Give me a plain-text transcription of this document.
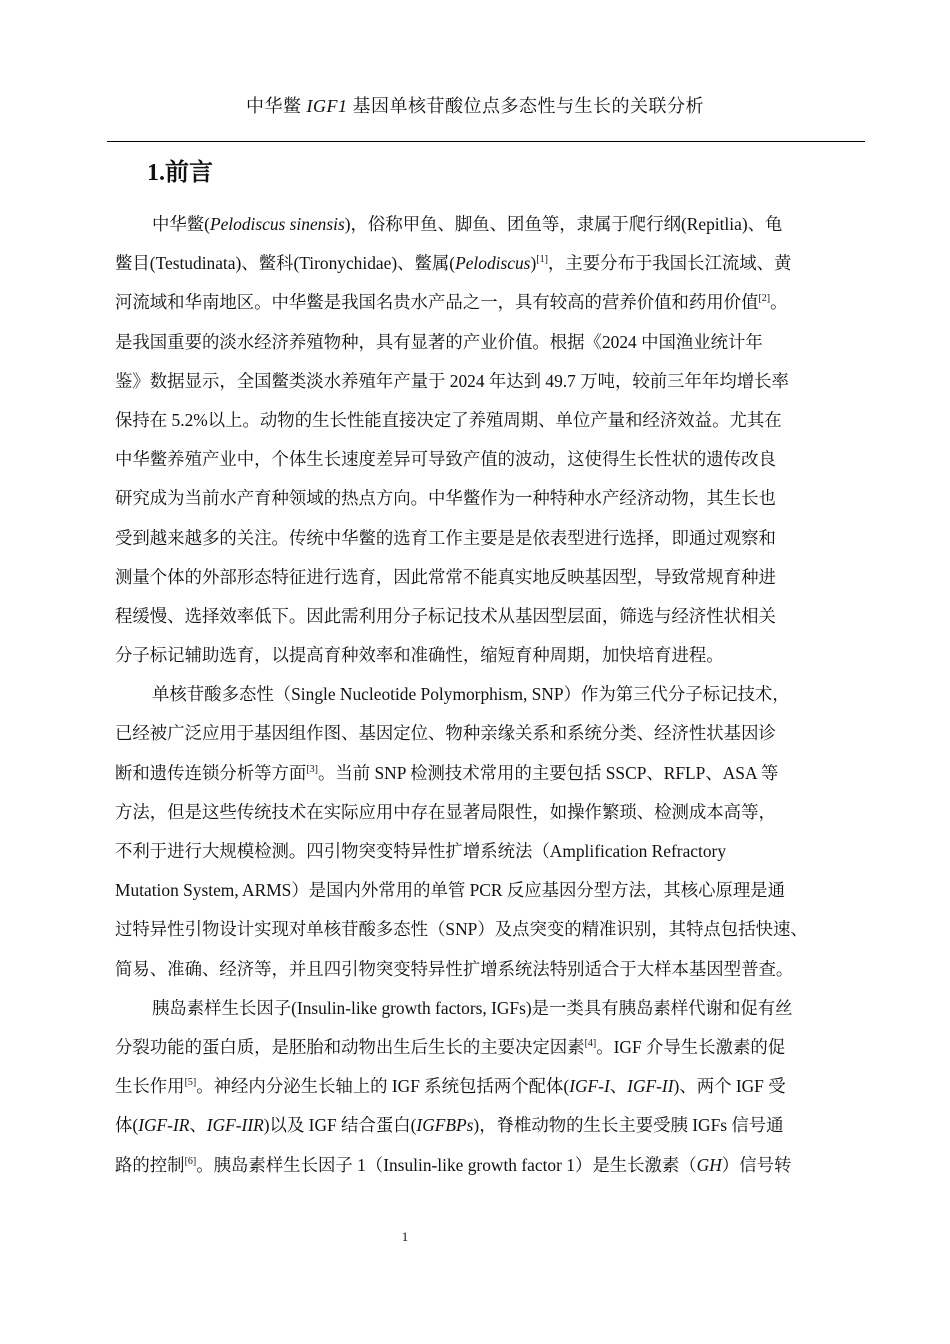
中华鳖 IGF1 基因单核苷酸位点多态性与生长的关联分析
1.前言
中华鳖(Pelodiscus sinensis)，俗称甲鱼、脚鱼、团鱼等，隶属于爬行纲(Repitlia)、龟
鳖目(Testudinata)、鳖科(Tironychidae)、鳖属(Pelodiscus)[1]，主要分布于我国长江流域、黄
河流域和华南地区。中华鳖是我国名贵水产品之一，具有较高的营养价值和药用价值[2]。
是我国重要的淡水经济养殖物种，具有显著的产业价值。根据《2024 中国渔业统计年
鉴》数据显示，全国鳖类淡水养殖年产量于 2024 年达到 49.7 万吨，较前三年年均增长率
保持在 5.2%以上。动物的生长性能直接决定了养殖周期、单位产量和经济效益。尤其在
中华鳖养殖产业中，个体生长速度差异可导致产值的波动，这使得生长性状的遗传改良
研究成为当前水产育种领域的热点方向。中华鳖作为一种特种水产经济动物，其生长也
受到越来越多的关注。传统中华鳖的选育工作主要是是依表型进行选择，即通过观察和
测量个体的外部形态特征进行选育，因此常常不能真实地反映基因型，导致常规育种进
程缓慢、选择效率低下。因此需利用分子标记技术从基因型层面，筛选与经济性状相关
分子标记辅助选育，以提高育种效率和准确性，缩短育种周期，加快培育进程。
单核苷酸多态性（Single Nucleotide Polymorphism, SNP）作为第三代分子标记技术，
已经被广泛应用于基因组作图、基因定位、物种亲缘关系和系统分类、经济性状基因诊
断和遗传连锁分析等方面[3]。当前 SNP 检测技术常用的主要包括 SSCP、RFLP、ASA 等
方法，但是这些传统技术在实际应用中存在显著局限性，如操作繁琐、检测成本高等，
不利于进行大规模检测。四引物突变特异性扩增系统法（Amplification Refractory
Mutation System, ARMS）是国内外常用的单管 PCR 反应基因分型方法，其核心原理是通
过特异性引物设计实现对单核苷酸多态性（SNP）及点突变的精准识别，其特点包括快速、
简易、准确、经济等，并且四引物突变特异性扩增系统法特别适合于大样本基因型普查。
胰岛素样生长因子(Insulin-like growth factors, IGFs)是一类具有胰岛素样代谢和促有丝
分裂功能的蛋白质，是胚胎和动物出生后生长的主要决定因素[4]。IGF 介导生长激素的促
生长作用[5]。神经内分泌生长轴上的 IGF 系统包括两个配体(IGF-I、IGF-II)、两个 IGF 受
体(IGF-IR、IGF-IIR)以及 IGF 结合蛋白(IGFBPs)，脊椎动物的生长主要受胰 IGFs 信号通
路的控制[6]。胰岛素样生长因子 1（Insulin-like growth factor 1）是生长激素（GH）信号转
1
